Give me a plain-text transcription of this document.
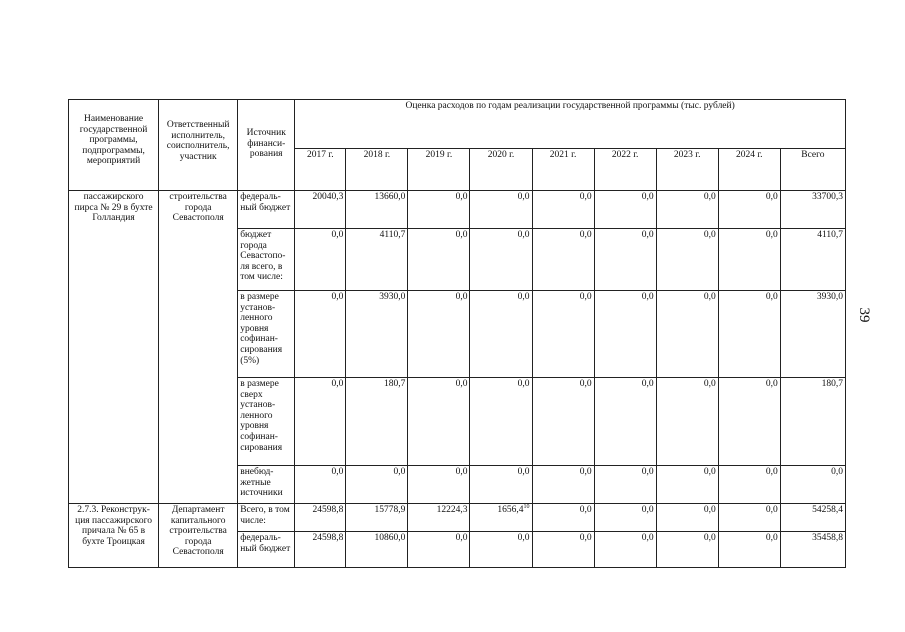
Наименование государственной программы, подпрограммы, мероприятий	Ответственный исполнитель, соисполнитель, участник	Источник финанси-рования	Оценка расходов по годам реализации государственной программы (тыс. рублей)								
			2017 г.	2018 г.	2019 г.	2020 г.	2021 г.	2022 г.	2023 г.	2024 г.	Всего
пассажирского пирса № 29 в бухте Голландия	строительства города Севастополя	федераль-ный бюджет	20040,3	13660,0	0,0	0,0	0,0	0,0	0,0	0,0	33700,3
		бюджет города Севастопо-ля всего, в том числе:	0,0	4110,7	0,0	0,0	0,0	0,0	0,0	0,0	4110,7
		в размере установ-ленного уровня софинан-сирования (5%)	0,0	3930,0	0,0	0,0	0,0	0,0	0,0	0,0	3930,0
		в размере сверх установ-ленного уровня софинан-сирования	0,0	180,7	0,0	0,0	0,0	0,0	0,0	0,0	180,7
		внебюд-жетные источники	0,0	0,0	0,0	0,0	0,0	0,0	0,0	0,0	0,0
2.7.3. Реконструк-ция пассажирского причала № 65 в бухте Троицкая	Департамент капитального строительства города Севастополя	Всего, в том числе:	24598,8	15778,9	12224,3	1656,4$^{10}$	0,0	0,0	0,0	0,0	54258,4
		федераль-ный бюджет	24598,8	10860,0	0,0	0,0	0,0	0,0	0,0	0,0	35458,8
39
